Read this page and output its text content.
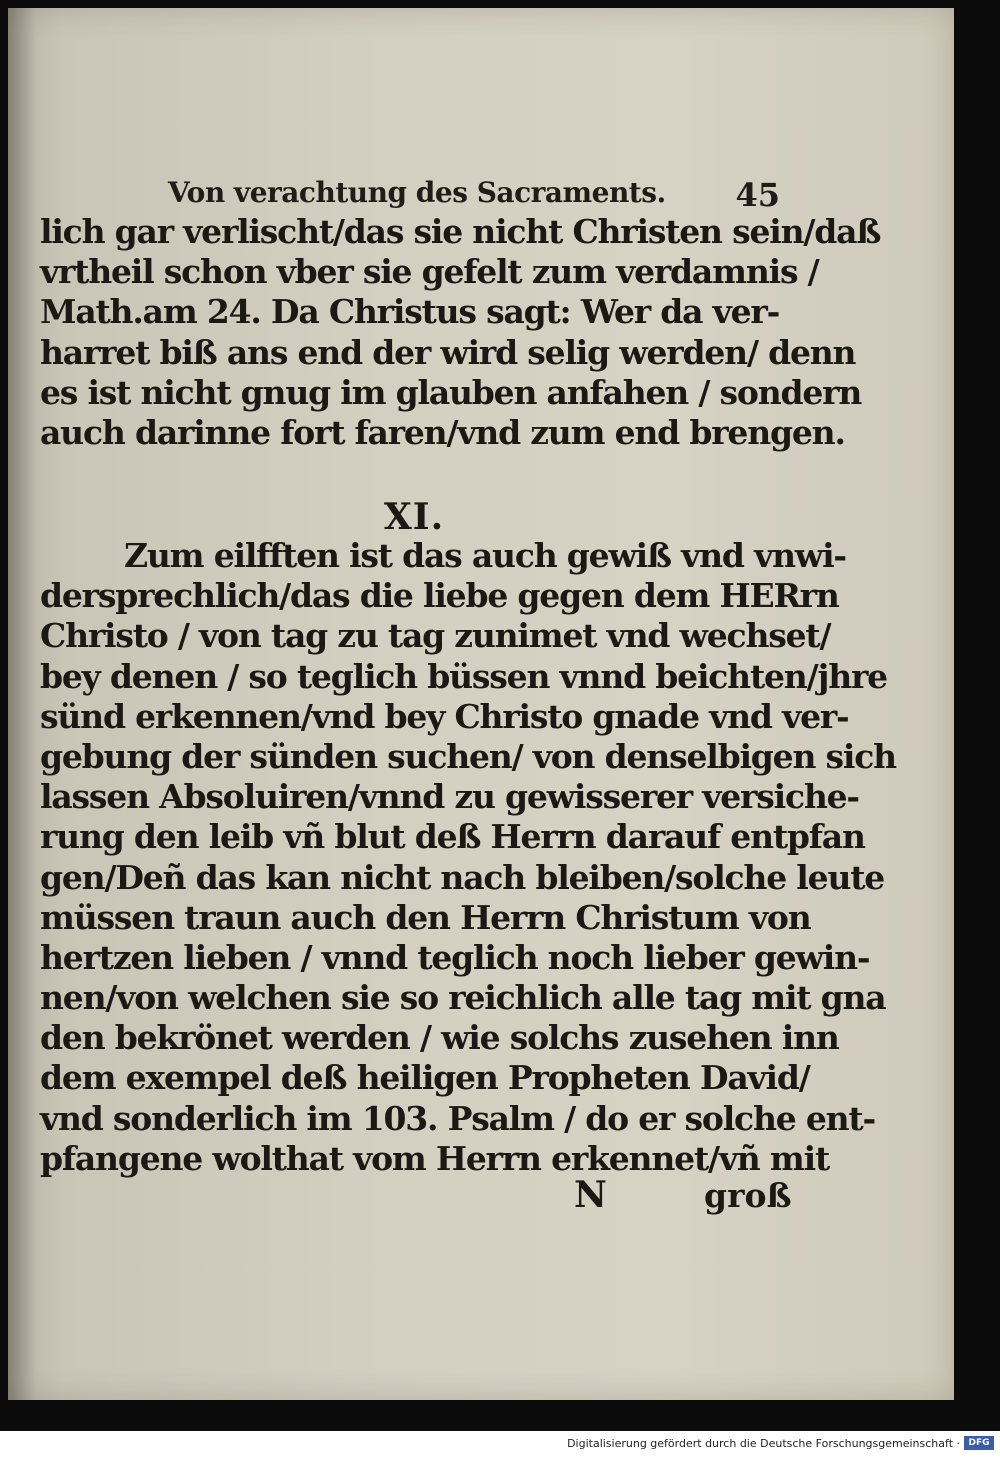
Von verachtung des Sacraments. 45
lich gar verlischt/das sie nicht Christen sein/daß
vrtheil schon vber sie gefelt zum verdamnis /
Math.am 24. Da Christus sagt: Wer da ver-
harret biß ans end der wird selig werden/ denn
es ist nicht gnug im glauben anfahen / sondern
auch darinne fort faren/vnd zum end brengen.
XI.
Zum eilfften ist das auch gewiß vnd vnwi-
dersprechlich/das die liebe gegen dem HERrn
Christo / von tag zu tag zunimet vnd wechset/
bey denen / so teglich büssen vnnd beichten/jhre
sünd erkennen/vnd bey Christo gnade vnd ver-
gebung der sünden suchen/ von denselbigen sich
lassen Absoluiren/vnnd zu gewisserer versiche-
rung den leib vñ blut deß Herrn darauf entpfan
gen/Deñ das kan nicht nach bleiben/solche leute
müssen traun auch den Herrn Christum von
hertzen lieben / vnnd teglich noch lieber gewin-
nen/von welchen sie so reichlich alle tag mit gna
den bekrönet werden / wie solchs zusehen inn
dem exempel deß heiligen Propheten David/
vnd sonderlich im 103. Psalm / do er solche ent-
pfangene wolthat vom Herrn erkennet/vñ mit
N	groß
Digitalisierung gefördert durch die Deutsche Forschungsgemeinschaft · DFG
